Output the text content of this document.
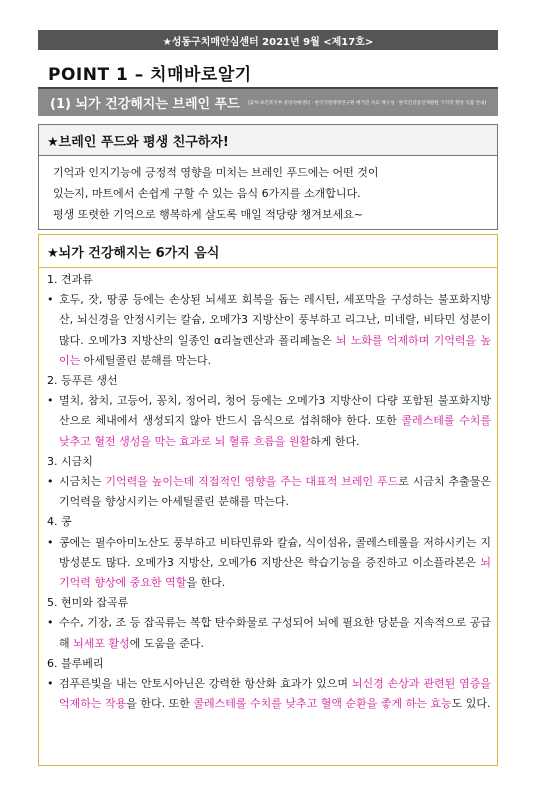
★성동구치매안심센터 2021년 9월 <제17호>
POINT 1 – 치매바로알기
(1) 뇌가 건강해지는 브레인 푸드	[출처:보건복지부 중앙치매센터 · 한국지방행정연구원 매거진 자료 재구성 · 한국건강증진개발원 기억력 향상 식품 안내]
★브레인 푸드와 평생 친구하자!
기억과 인지기능에 긍정적 영향을 미치는 브레인 푸드에는 어떤 것이
있는지, 마트에서 손쉽게 구할 수 있는 음식 6가지를 소개합니다.
평생 또렷한 기억으로 행복하게 살도록 매일 적당량 챙겨보세요~
★뇌가 건강해지는 6가지 음식
1. 견과류
• 호두, 잣, 땅콩 등에는 손상된 뇌세포 회복을 돕는 레시틴, 세포막을 구성하는 불포화지방산, 뇌신경을 안정시키는 칼슘, 오메가3 지방산이 풍부하고 리그난, 미네랄, 비타민 성분이 많다. 오메가3 지방산의 일종인 α리놀렌산과 폴리페놀은 뇌 노화를 억제하며 기억력을 높이는 아세틸콜린 분해를 막는다.
2. 등푸른 생선
• 멸치, 참치, 고등어, 꽁치, 정어리, 청어 등에는 오메가3 지방산이 다량 포함된 불포화지방산으로 체내에서 생성되지 않아 반드시 음식으로 섭취해야 한다. 또한 콜레스테롤 수치를 낮추고 혈전 생성을 막는 효과로 뇌 혈류 흐름을 원활하게 한다.
3. 시금치
• 시금치는 기억력을 높이는데 직접적인 영향을 주는 대표적 브레인 푸드로 시금치 추출물은 기억력을 향상시키는 아세틸콜린 분해를 막는다.
4. 콩
• 콩에는 필수아미노산도 풍부하고 비타민류와 칼슘, 식이섬유, 콜레스테롤을 저하시키는 지방성분도 많다. 오메가3 지방산, 오메가6 지방산은 학습기능을 증진하고 이소플라본은 뇌 기억력 향상에 중요한 역할을 한다.
5. 현미와 잡곡류
• 수수, 기장, 조 등 잡곡류는 복합 탄수화물로 구성되어 뇌에 필요한 당분을 지속적으로 공급해 뇌세포 활성에 도움을 준다.
6. 블루베리
• 검푸른빛을 내는 안토시아닌은 강력한 항산화 효과가 있으며 뇌신경 손상과 관련된 염증을 억제하는 작용을 한다. 또한 콜레스테롤 수치를 낮추고 혈액 순환을 좋게 하는 효능도 있다.
